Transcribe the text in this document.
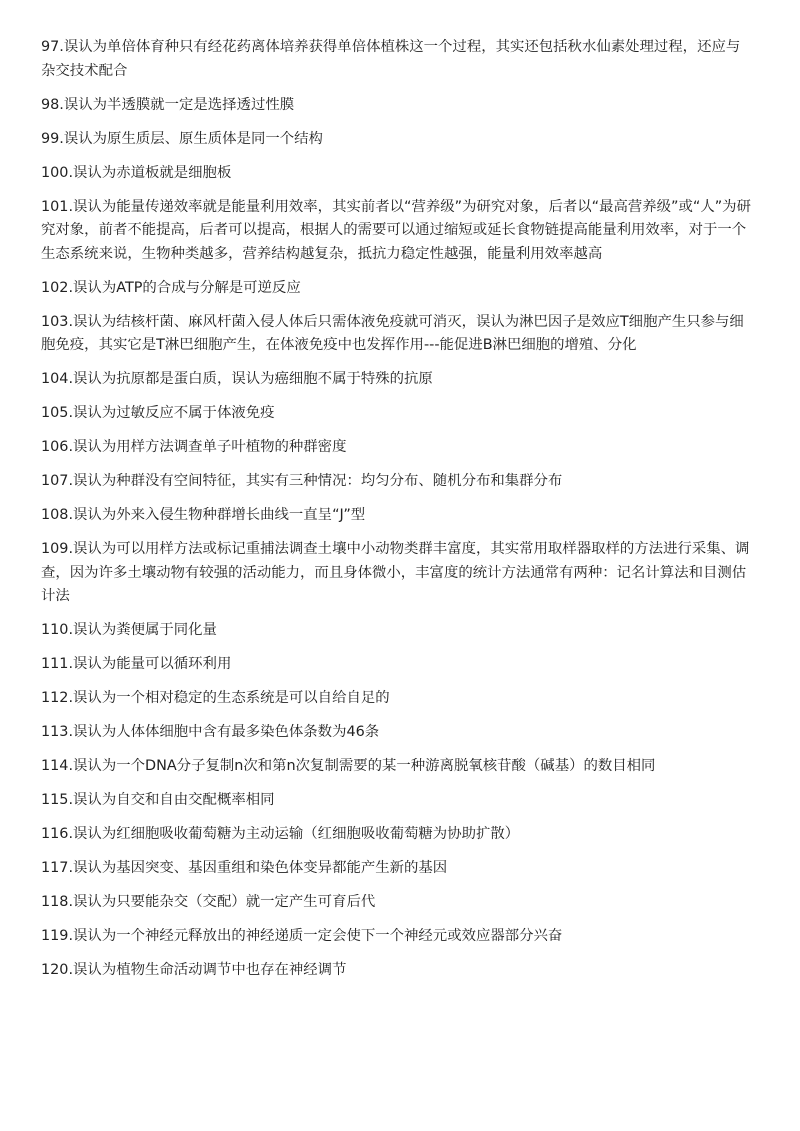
97.误认为单倍体育种只有经花药离体培养获得单倍体植株这一个过程，其实还包括秋水仙素处理过程，还应与杂交技术配合

98.误认为半透膜就一定是选择透过性膜

99.误认为原生质层、原生质体是同一个结构

100.误认为赤道板就是细胞板

101.误认为能量传递效率就是能量利用效率，其实前者以“营养级”为研究对象，后者以“最高营养级”或“人”为研究对象，前者不能提高，后者可以提高，根据人的需要可以通过缩短或延长食物链提高能量利用效率，对于一个生态系统来说，生物种类越多，营养结构越复杂，抵抗力稳定性越强，能量利用效率越高

102.误认为ATP的合成与分解是可逆反应

103.误认为结核杆菌、麻风杆菌入侵人体后只需体液免疫就可消灭，误认为淋巴因子是效应T细胞产生只参与细胞免疫，其实它是T淋巴细胞产生，在体液免疫中也发挥作用---能促进B淋巴细胞的增殖、分化

104.误认为抗原都是蛋白质，误认为癌细胞不属于特殊的抗原

105.误认为过敏反应不属于体液免疫

106.误认为用样方法调查单子叶植物的种群密度

107.误认为种群没有空间特征，其实有三种情况：均匀分布、随机分布和集群分布

108.误认为外来入侵生物种群增长曲线一直呈“J”型

109.误认为可以用样方法或标记重捕法调查土壤中小动物类群丰富度，其实常用取样器取样的方法进行采集、调查，因为许多土壤动物有较强的活动能力，而且身体微小，丰富度的统计方法通常有两种：记名计算法和目测估计法

110.误认为粪便属于同化量

111.误认为能量可以循环利用

112.误认为一个相对稳定的生态系统是可以自给自足的

113.误认为人体体细胞中含有最多染色体条数为46条

114.误认为一个DNA分子复制n次和第n次复制需要的某一种游离脱氧核苷酸（碱基）的数目相同

115.误认为自交和自由交配概率相同

116.误认为红细胞吸收葡萄糖为主动运输（红细胞吸收葡萄糖为协助扩散）

117.误认为基因突变、基因重组和染色体变异都能产生新的基因

118.误认为只要能杂交（交配）就一定产生可育后代

119.误认为一个神经元释放出的神经递质一定会使下一个神经元或效应器部分兴奋

120.误认为植物生命活动调节中也存在神经调节
